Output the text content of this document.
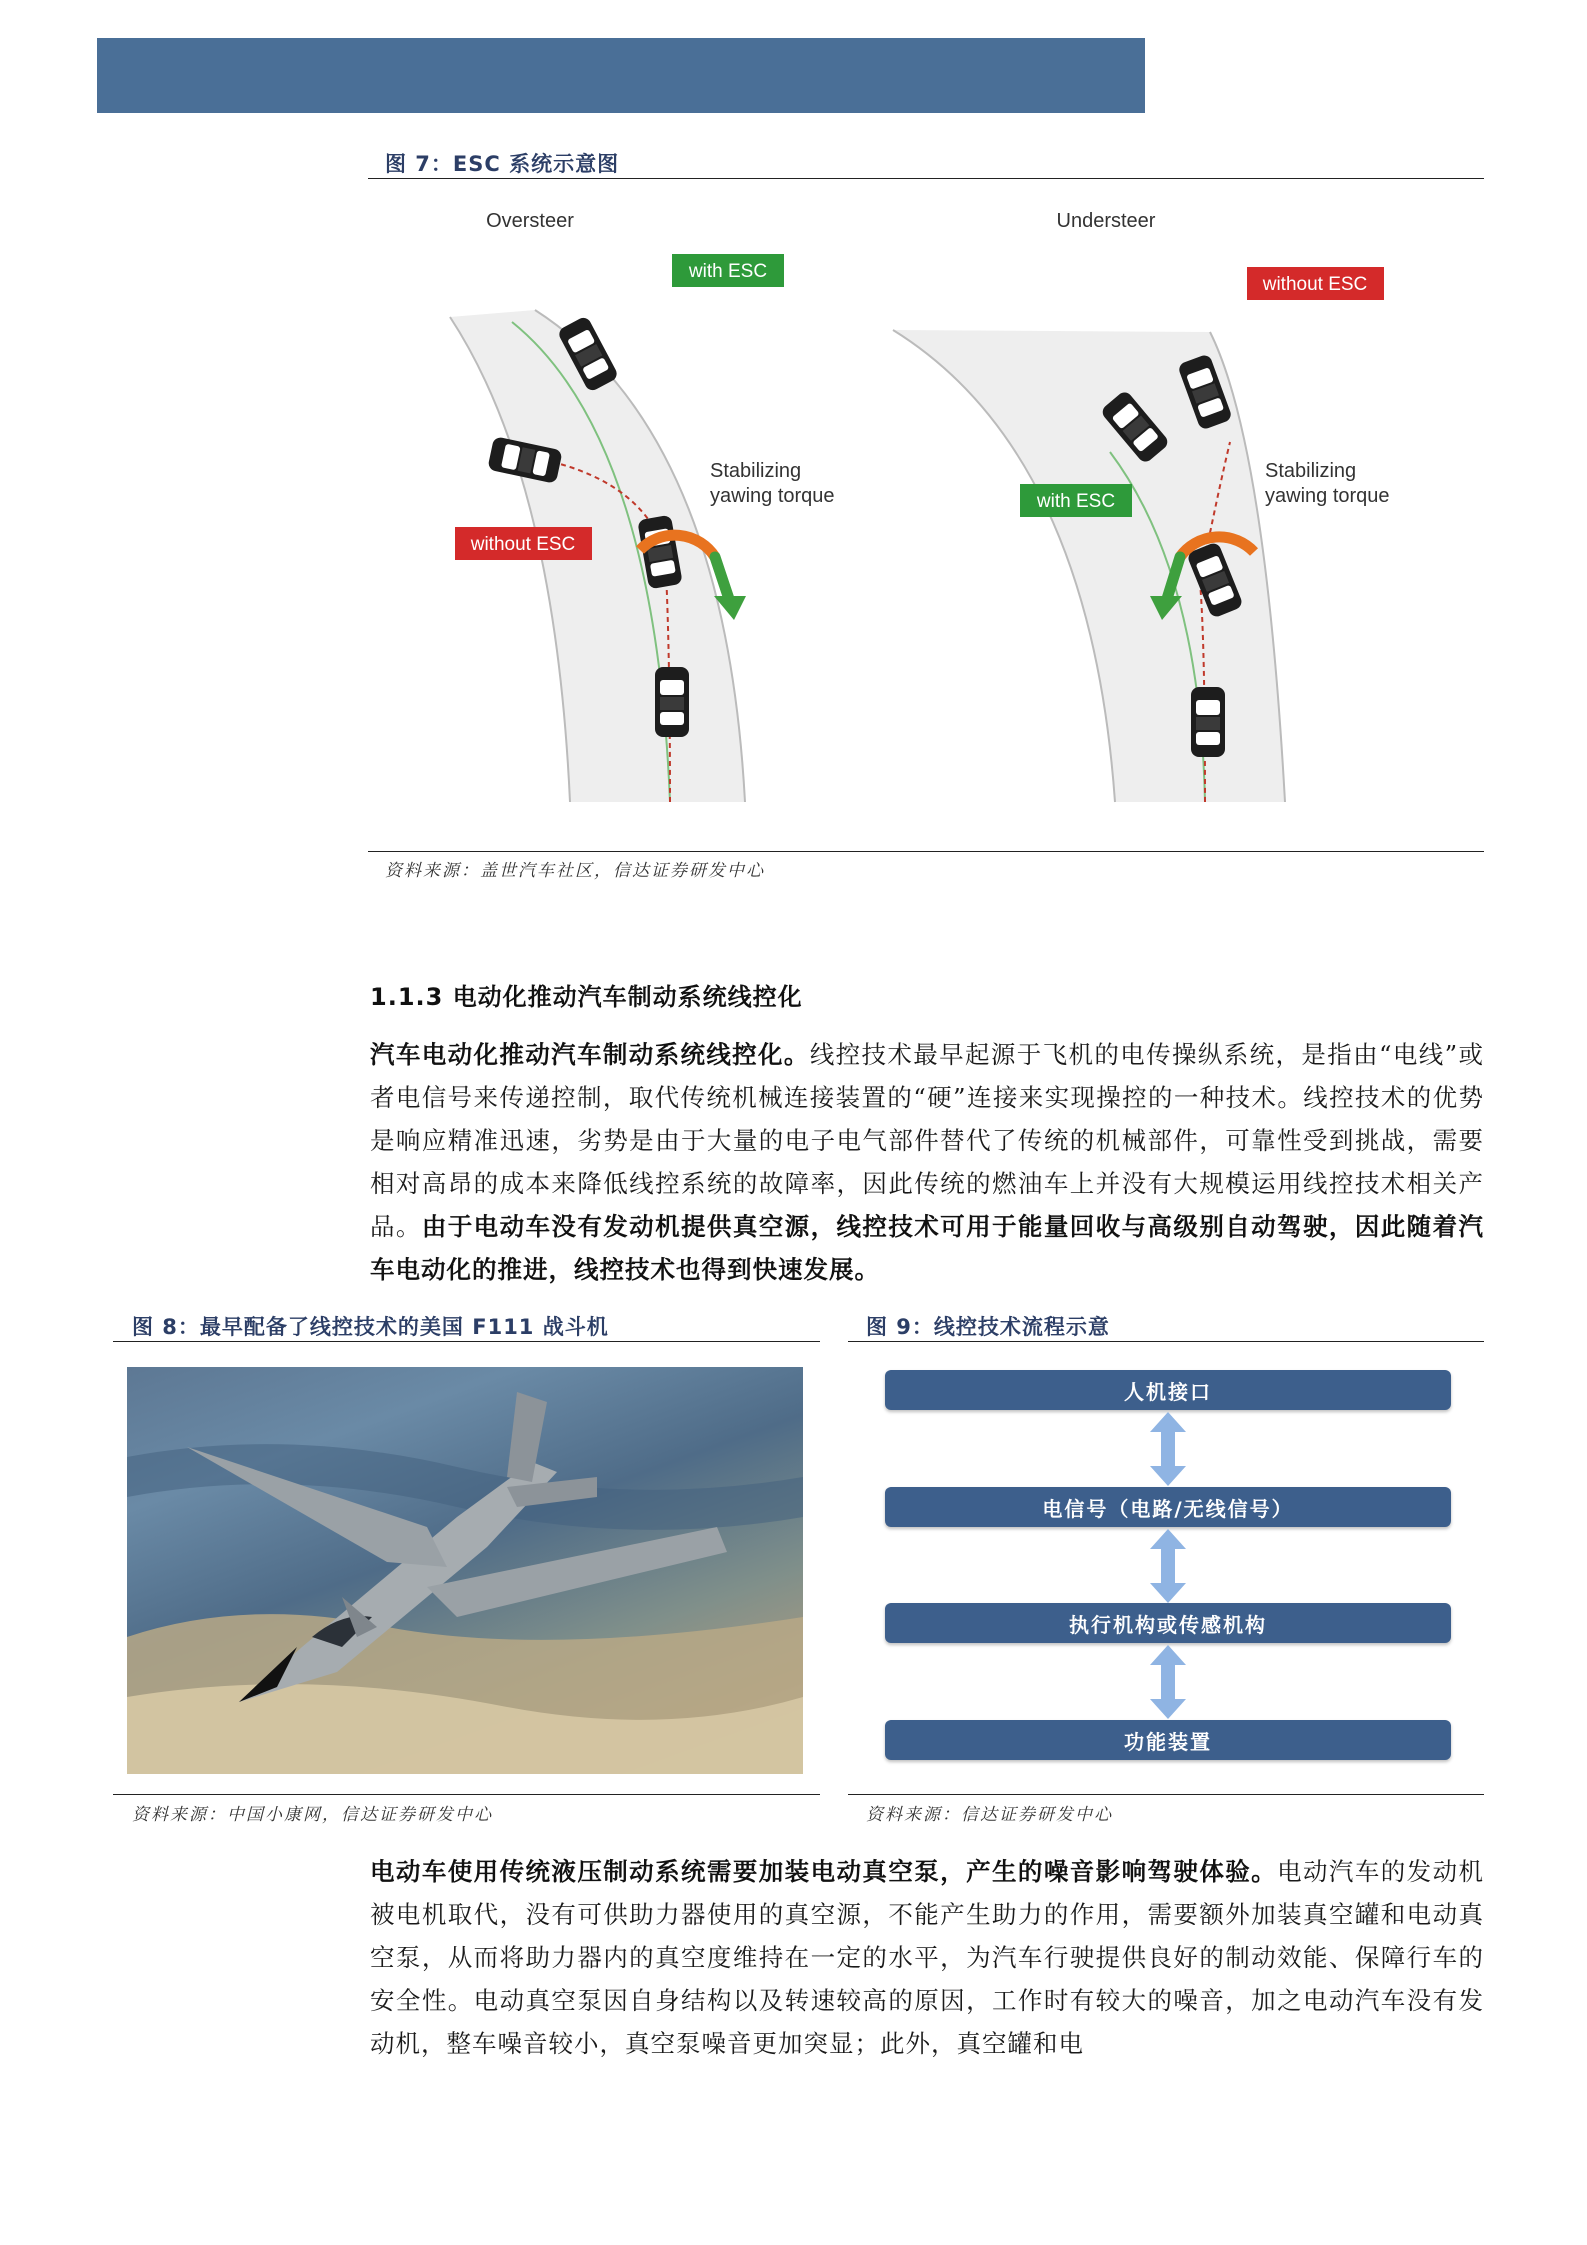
图 7：ESC 系统示意图
Oversteer
with ESC
without ESC
Stabilizing
yawing torque
Understeer
with ESC
without ESC
Stabilizing
yawing torque
资料来源：盖世汽车社区，信达证券研发中心
1.1.3 电动化推动汽车制动系统线控化
汽车电动化推动汽车制动系统线控化。线控技术最早起源于飞机的电传操纵系统，是指由“电线”或者电信号来传递控制，取代传统机械连接装置的“硬”连接来实现操控的一种技术。线控技术的优势是响应精准迅速，劣势是由于大量的电子电气部件替代了传统的机械部件，可靠性受到挑战，需要相对高昂的成本来降低线控系统的故障率，因此传统的燃油车上并没有大规模运用线控技术相关产品。由于电动车没有发动机提供真空源，线控技术可用于能量回收与高级别自动驾驶，因此随着汽车电动化的推进，线控技术也得到快速发展。
图 8：最早配备了线控技术的美国 F111 战斗机
资料来源：中国小康网，信达证券研发中心
图 9：线控技术流程示意
人机接口
电信号（电路/无线信号）
执行机构或传感机构
功能装置
资料来源：信达证券研发中心
电动车使用传统液压制动系统需要加装电动真空泵，产生的噪音影响驾驶体验。电动汽车的发动机被电机取代，没有可供助力器使用的真空源，不能产生助力的作用，需要额外加装真空罐和电动真空泵，从而将助力器内的真空度维持在一定的水平，为汽车行驶提供良好的制动效能、保障行车的安全性。电动真空泵因自身结构以及转速较高的原因，工作时有较大的噪音，加之电动汽车没有发动机，整车噪音较小，真空泵噪音更加突显；此外，真空罐和电
